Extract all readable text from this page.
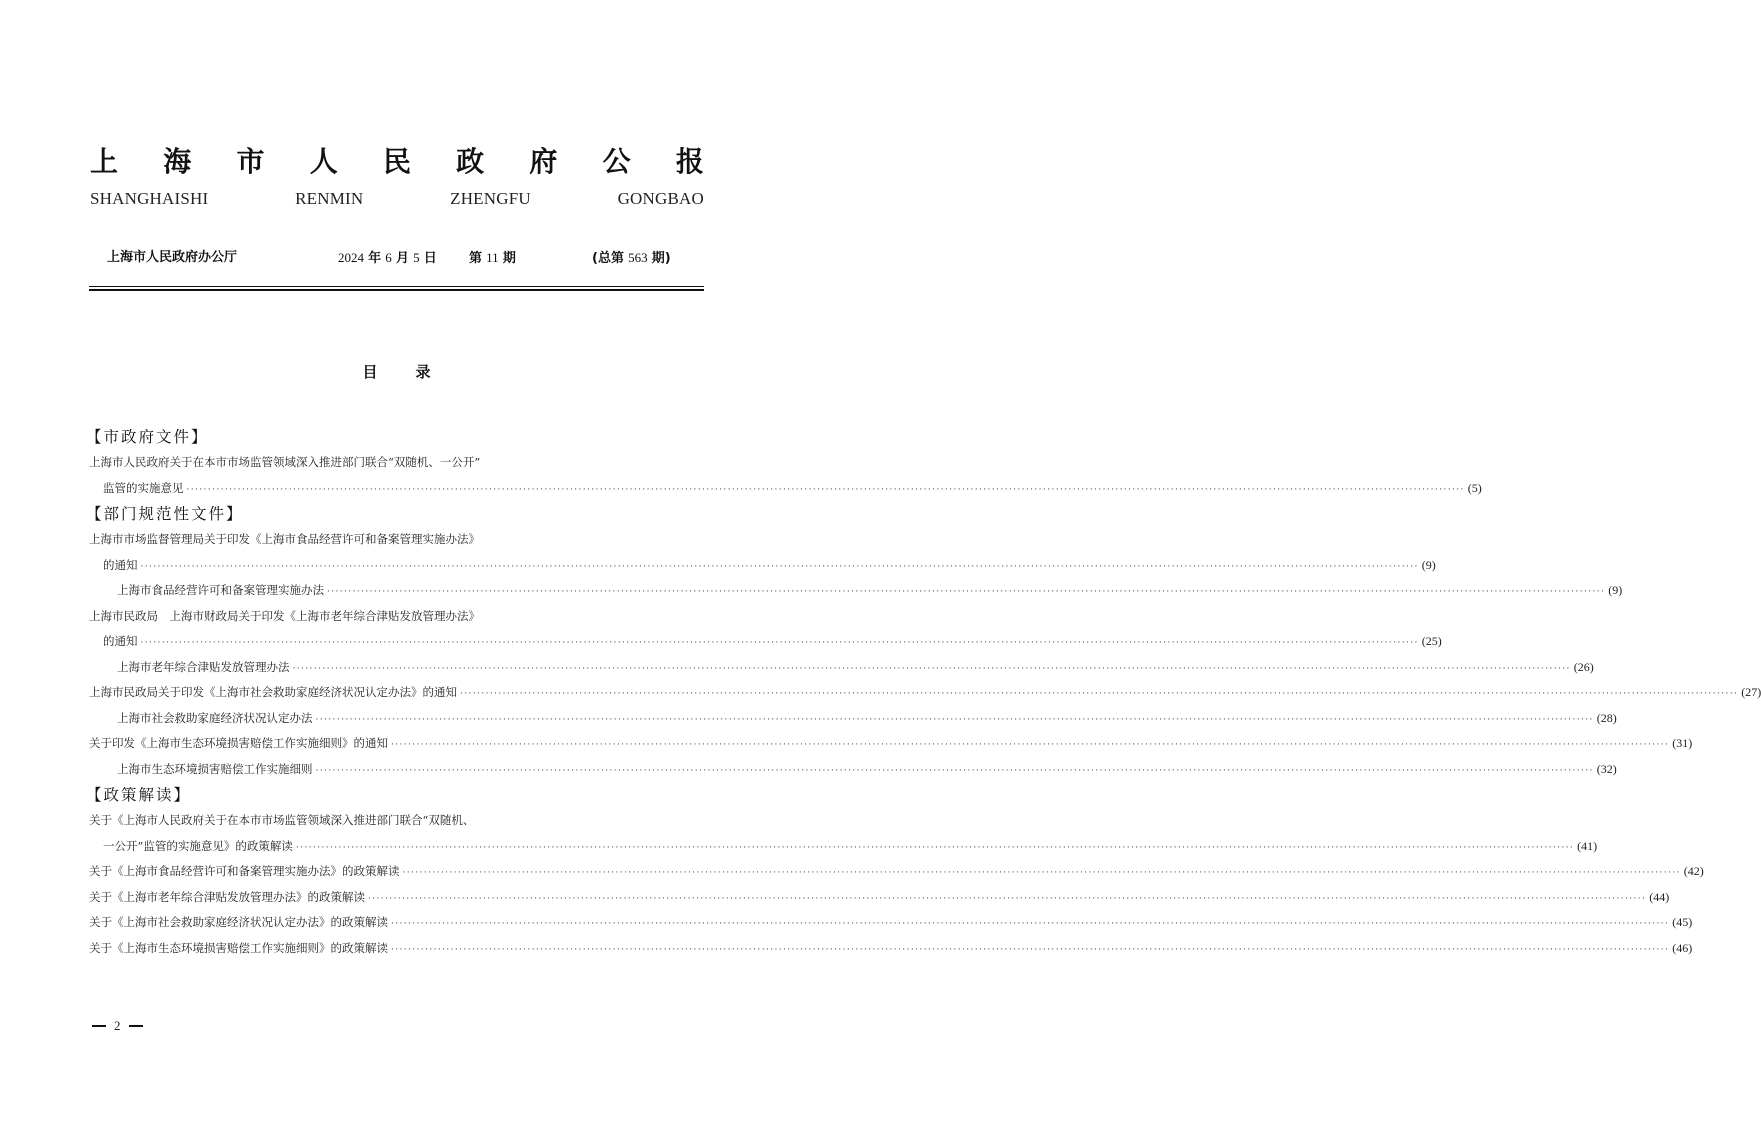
上 海 市 人 民 政 府 公 报
SHANGHAISHI	RENMIN	ZHENGFU	GONGBAO
上海市人民政府办公厅	2024 年 6 月 5 日 第 11 期	(总第 563 期)
目	录
【市政府文件】
上海市人民政府关于在本市市场监管领域深入推进部门联合“双随机、一公开”
监管的实施意见 ············································································································································································································································································································ (5)
【部门规范性文件】
上海市市场监督管理局关于印发《上海市食品经营许可和备案管理实施办法》
的通知 ············································································································································································································································································································ (9)
上海市食品经营许可和备案管理实施办法 ············································································································································································································································································································ (9)
上海市民政局　上海市财政局关于印发《上海市老年综合津贴发放管理办法》
的通知 ············································································································································································································································································································ (25)
上海市老年综合津贴发放管理办法 ············································································································································································································································································································ (26)
上海市民政局关于印发《上海市社会救助家庭经济状况认定办法》的通知 ············································································································································································································································································································ (27)
上海市社会救助家庭经济状况认定办法 ············································································································································································································································································································ (28)
关于印发《上海市生态环境损害赔偿工作实施细则》的通知 ············································································································································································································································································································ (31)
上海市生态环境损害赔偿工作实施细则 ············································································································································································································································································································ (32)
【政策解读】
关于《上海市人民政府关于在本市市场监管领域深入推进部门联合“双随机、
一公开”监管的实施意见》的政策解读 ············································································································································································································································································································ (41)
关于《上海市食品经营许可和备案管理实施办法》的政策解读 ············································································································································································································································································································ (42)
关于《上海市老年综合津贴发放管理办法》的政策解读 ············································································································································································································································································································ (44)
关于《上海市社会救助家庭经济状况认定办法》的政策解读 ············································································································································································································································································································ (45)
关于《上海市生态环境损害赔偿工作实施细则》的政策解读 ············································································································································································································································································································ (46)
2
